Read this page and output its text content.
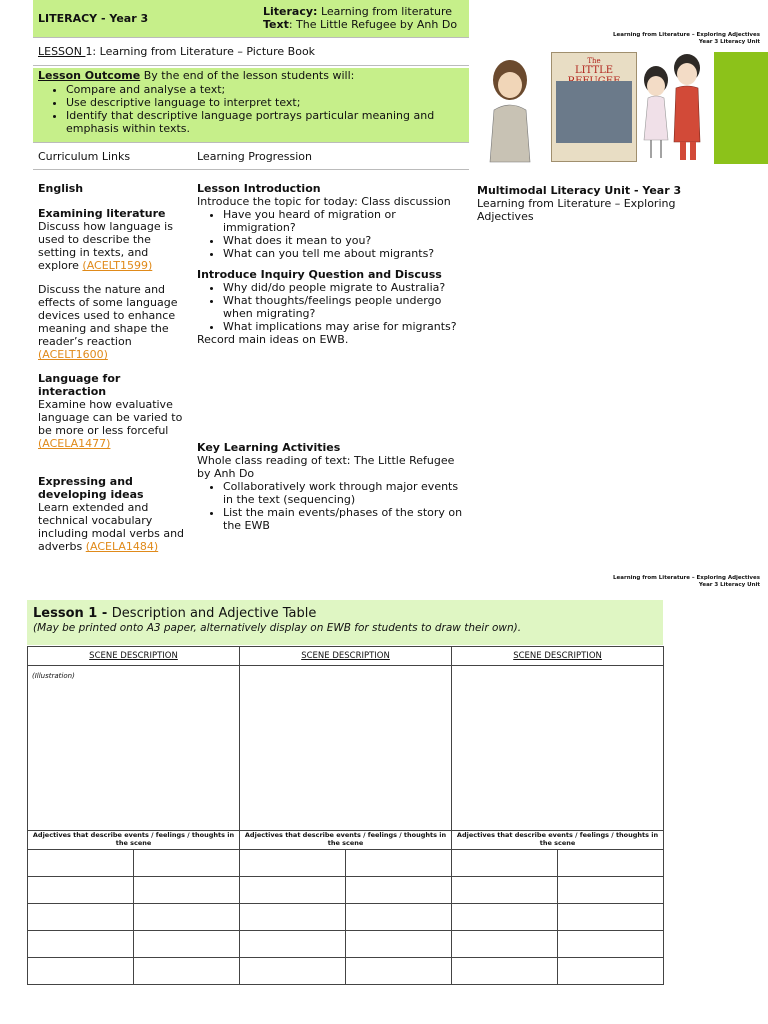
LITERACY - Year 3
Literacy: Learning from literature
Text: The Little Refugee by Anh Do
LESSON 1: Learning from Literature – Picture Book
Lesson Outcome By the end of the lesson students will:
• Compare and analyse a text;
• Use descriptive language to interpret text;
• Identify that descriptive language portrays particular meaning and emphasis within texts.
Curriculum Links	Learning Progression
English
Examining literature

Discuss how language is used to describe the setting in texts, and explore (ACELT1599)

Discuss the nature and effects of some language devices used to enhance meaning and shape the reader’s reaction (ACELT1600)

Language for interaction

Examine how evaluative language can be varied to be more or less forceful (ACELA1477)

Expressing and developing ideas

Learn extended and technical vocabulary including modal verbs and adverbs (ACELA1484)

Lesson Introduction

Introduce the topic for today: Class discussion

• Have you heard of migration or immigration?
• What does it mean to you?
• What can you tell me about migrants?
Introduce Inquiry Question and Discuss
• Why did/do people migrate to Australia?
• What thoughts/feelings people undergo when migrating?
• What implications may arise for migrants?

Record main ideas on EWB.

Key Learning Activities

Whole class reading of text: The Little Refugee by Anh Do

• Collaboratively work through major events in the text (sequencing)
• List the main events/phases of the story on the EWB
Learning from Literature – Exploring Adjectives
Year 3 Literacy Unit
The
LITTLE
Multimodal Literacy Unit - Year 3
Learning from Literature – Exploring Adjectives
Learning from Literature – Exploring Adjectives
Year 3 Literacy Unit
Lesson 1 - Description and Adjective Table
(May be printed onto A3 paper, alternatively display on EWB for students to draw their own).
SCENE DESCRIPTION		SCENE DESCRIPTION		SCENE DESCRIPTION	

(Illustration)					

Adjectives that describe events / feelings / thoughts in the scene		Adjectives that describe events / feelings / thoughts in the scene		Adjectives that describe events / feelings / thoughts in the scene	
